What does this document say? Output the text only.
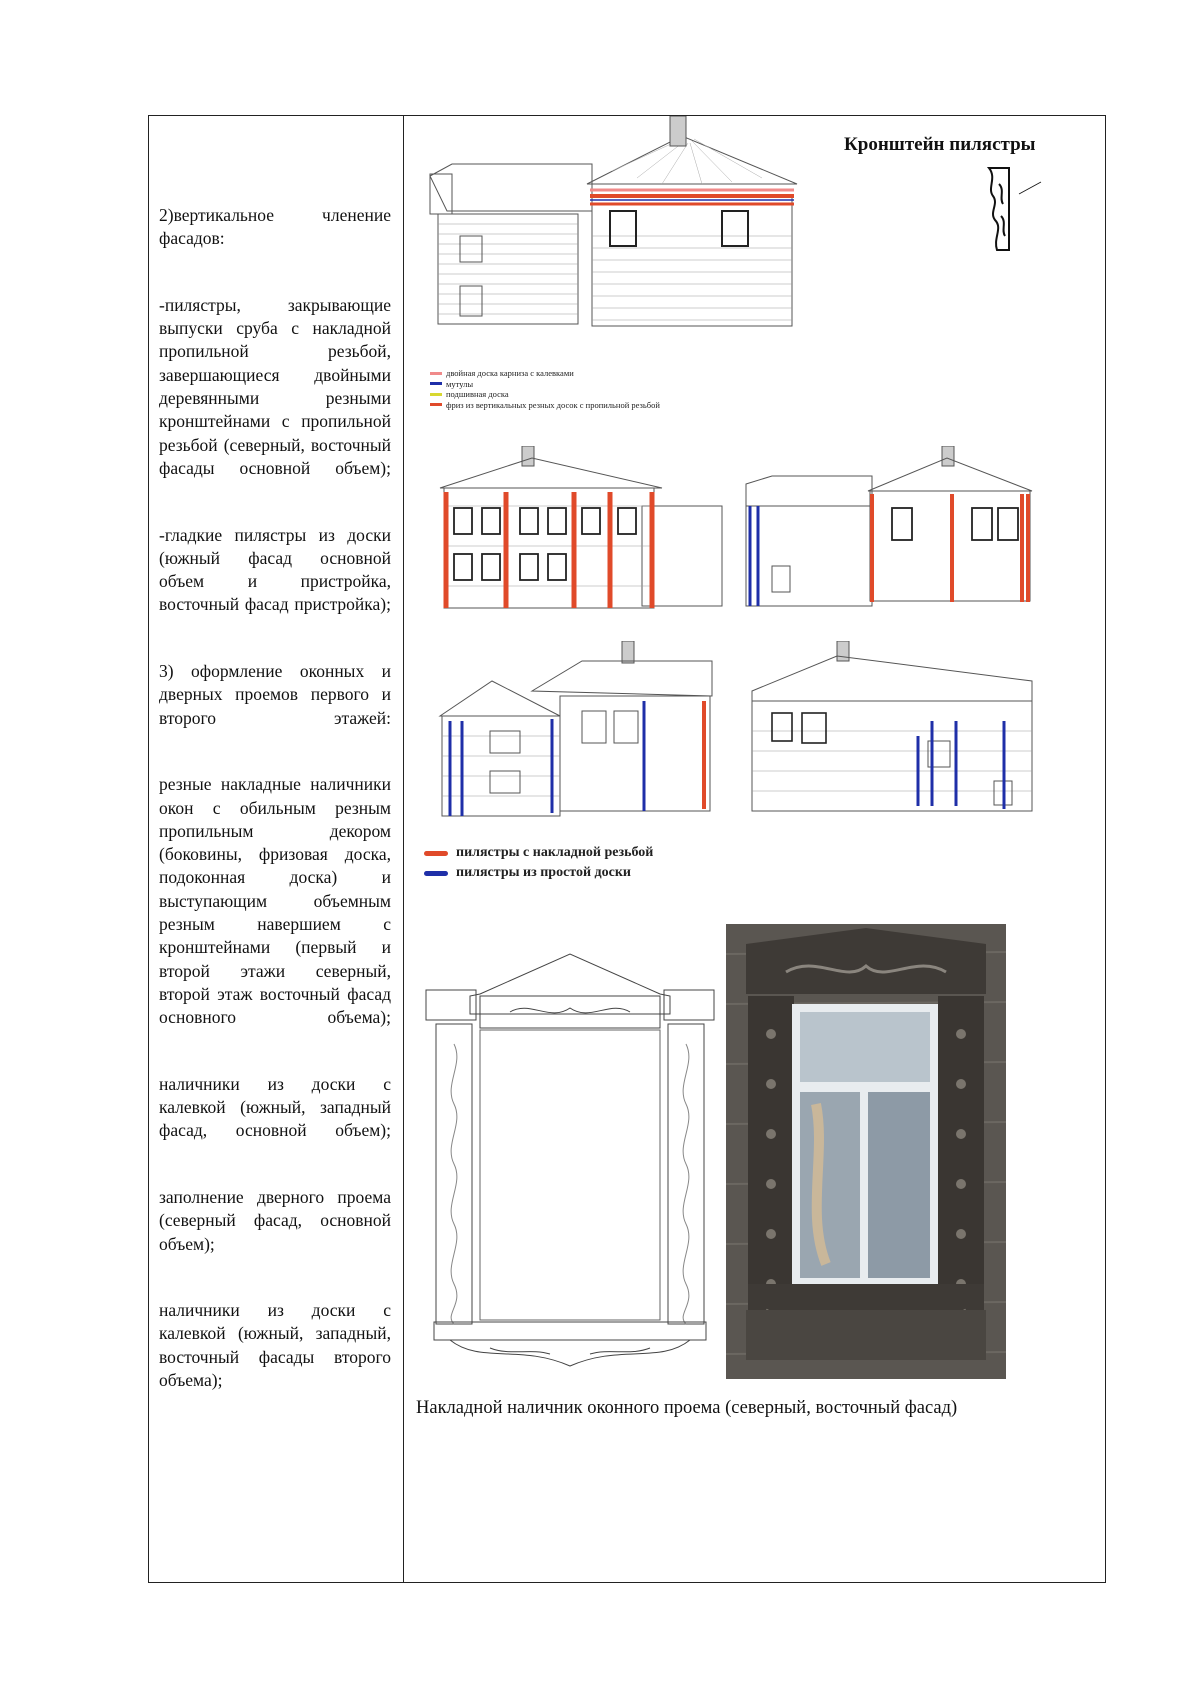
2)вертикальное членение фасадов:

-пилястры, закрывающие выпуски сруба с накладной пропильной резьбой, завершающиеся двойными деревянными резными кронштейнами с пропильной резьбой (северный, восточный фасады основной объем);

-гладкие пилястры из доски (южный фасад основной объем и пристройка, восточный фасад пристройка);

3) оформление оконных и дверных проемов первого и второго этажей:

резные накладные наличники окон с обильным резным пропильным декором (боковины, фризовая доска, подоконная доска) и выступающим объемным резным навершием с кронштейнами (первый и второй этажи северный, второй этаж восточный фасад основного объема);

наличники из доски с калевкой (южный, западный фасад, основной объем);

заполнение дверного проема (северный фасад, основной объем);

наличники из доски с калевкой (южный, западный, восточный фасады второго объема);

Кронштейн пилястры
двойная доска карниза с калевками
мутулы
подшивная доска
фриз из вертикальных резных досок с пропильной резьбой
пилястры с накладной резьбой
пилястры из простой доски
Накладной наличник оконного проема (северный, восточный фасад)
